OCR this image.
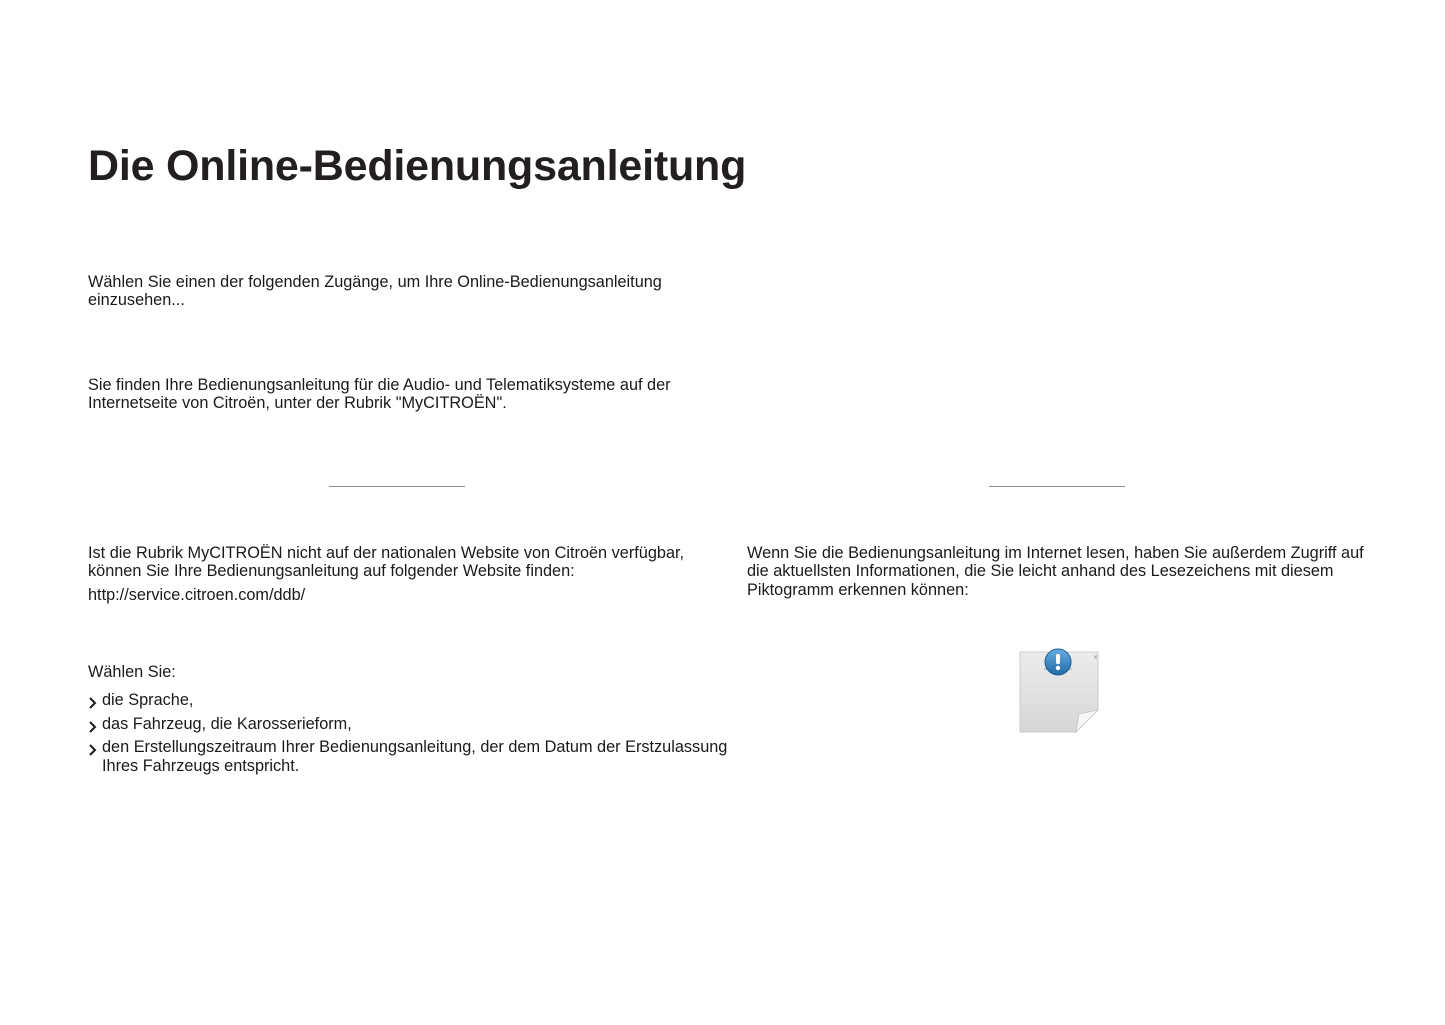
Die Online-Bedienungsanleitung

Wählen Sie einen der folgenden Zugänge, um Ihre Online-Bedienungsanleitung einzusehen...

Sie finden Ihre Bedienungsanleitung für die Audio- und Telematiksysteme auf der Internetseite von Citroën, unter der Rubrik "MyCITROËN".

Ist die Rubrik MyCITROËN nicht auf der nationalen Website von Citroën verfügbar, können Sie Ihre Bedienungsanleitung auf folgender Website finden:

http://service.citroen.com/ddb/

Wählen Sie:

die Sprache,
das Fahrzeug, die Karosserieform,
den Erstellungszeitraum Ihrer Bedienungsanleitung, der dem Datum der Erstzulassung Ihres Fahrzeugs entspricht.

Wenn Sie die Bedienungsanleitung im Internet lesen, haben Sie außerdem Zugriff auf die aktuellsten Informationen, die Sie leicht anhand des Lesezeichens mit diesem Piktogramm erkennen können:

×
